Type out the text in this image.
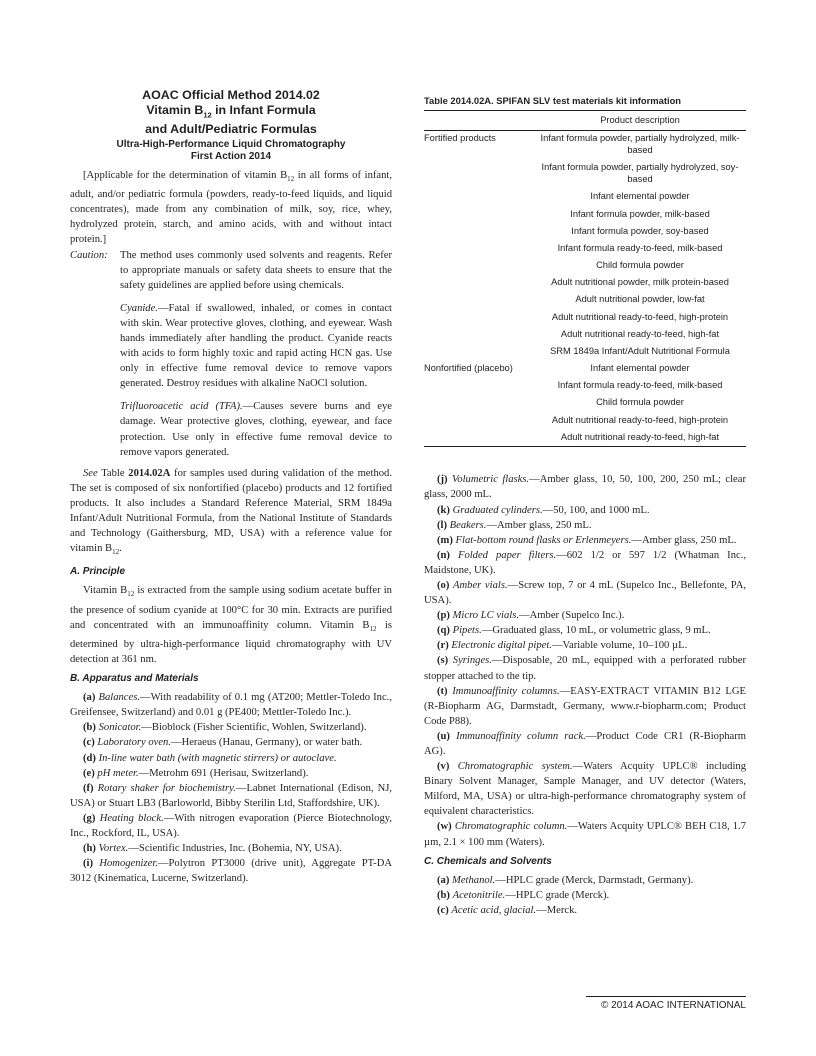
AOAC Official Method 2014.02
Vitamin $B_{12}$ in Infant Formula
and Adult/Pediatric Formulas
Ultra-High-Performance Liquid Chromatography
First Action 2014

[Applicable for the determination of vitamin $B_{12}$ in all forms of infant, adult, and/or pediatric formula (powders, ready-to-feed liquids, and liquid concentrates), made from any combination of milk, soy, rice, whey, hydrolyzed protein, starch, and amino acids, with and without intact protein.]

Caution: The method uses commonly used solvents and reagents. Refer to appropriate manuals or safety data sheets to ensure that the safety guidelines are applied before using chemicals.

Cyanide.—Fatal if swallowed, inhaled, or comes in contact with skin. Wear protective gloves, clothing, and eyewear. Wash hands immediately after handling the product. Cyanide reacts with acids to form highly toxic and rapid acting HCN gas. Use only in effective fume removal device to remove vapors generated. Destroy residues with alkaline NaOCl solution.

Trifluoroacetic acid (TFA).—Causes severe burns and eye damage. Wear protective gloves, clothing, eyewear, and face protection. Use only in effective fume removal device to remove vapors generated.

See Table 2014.02A for samples used during validation of the method. The set is composed of six nonfortified (placebo) products and 12 fortified products. It also includes a Standard Reference Material, SRM 1849a Infant/Adult Nutritional Formula, from the National Institute of Standards and Technology (Gaithersburg, MD, USA) with a reference value for vitamin $B_{12}$.

A. Principle

Vitamin $B_{12}$ is extracted from the sample using sodium acetate buffer in the presence of sodium cyanide at 100°C for 30 min. Extracts are purified and concentrated with an immunoaffinity column. Vitamin $B_{12}$ is determined by ultra-high-performance liquid chromatography with UV detection at 361 nm.

B. Apparatus and Materials

(a) Balances.—With readability of 0.1 mg (AT200; Mettler-Toledo Inc., Greifensee, Switzerland) and 0.01 g (PE400; Mettler-Toledo Inc.).

(b) Sonicator.—Bioblock (Fisher Scientific, Wohlen, Switzerland).

(c) Laboratory oven.—Heraeus (Hanau, Germany), or water bath.

(d) In-line water bath (with magnetic stirrers) or autoclave.

(e) pH meter.—Metrohm 691 (Herisau, Switzerland).

(f) Rotary shaker for biochemistry.—Labnet International (Edison, NJ, USA) or Stuart LB3 (Barloworld, Bibby Sterilin Ltd, Staffordshire, UK).

(g) Heating block.—With nitrogen evaporation (Pierce Biotechnology, Inc., Rockford, IL, USA).

(h) Vortex.—Scientific Industries, Inc. (Bohemia, NY, USA).

(i) Homogenizer.—Polytron PT3000 (drive unit), Aggregate PT-DA 3012 (Kinematica, Lucerne, Switzerland).

Table 2014.02A. SPIFAN SLV test materials kit information
	Product description
Fortified products	Infant formula powder, partially hydrolyzed, milk-based
	Infant formula powder, partially hydrolyzed, soy-based
	Infant elemental powder
	Infant formula powder, milk-based
	Infant formula powder, soy-based
	Infant formula ready-to-feed, milk-based
	Child formula powder
	Adult nutritional powder, milk protein-based
	Adult nutritional powder, low-fat
	Adult nutritional ready-to-feed, high-protein
	Adult nutritional ready-to-feed, high-fat
	SRM 1849a Infant/Adult Nutritional Formula
Nonfortified (placebo)	Infant elemental powder
	Infant formula ready-to-feed, milk-based
	Child formula powder
	Adult nutritional ready-to-feed, high-protein
	Adult nutritional ready-to-feed, high-fat

(j) Volumetric flasks.—Amber glass, 10, 50, 100, 200, 250 mL; clear glass, 2000 mL.

(k) Graduated cylinders.—50, 100, and 1000 mL.

(l) Beakers.—Amber glass, 250 mL.

(m) Flat-bottom round flasks or Erlenmeyers.—Amber glass, 250 mL.

(n) Folded paper filters.—602 1/2 or 597 1/2 (Whatman Inc., Maidstone, UK).

(o) Amber vials.—Screw top, 7 or 4 mL (Supelco Inc., Bellefonte, PA, USA).

(p) Micro LC vials.—Amber (Supelco Inc.).

(q) Pipets.—Graduated glass, 10 mL, or volumetric glass, 9 mL.

(r) Electronic digital pipet.—Variable volume, 10–100 µL.

(s) Syringes.—Disposable, 20 mL, equipped with a perforated rubber stopper attached to the tip.

(t) Immunoaffinity columns.—EASY-EXTRACT VITAMIN B12 LGE (R-Biopharm AG, Darmstadt, Germany, www.r-biopharm.com; Product Code P88).

(u) Immunoaffinity column rack.—Product Code CR1 (R-Biopharm AG).

(v) Chromatographic system.—Waters Acquity UPLC® including Binary Solvent Manager, Sample Manager, and UV detector (Waters, Milford, MA, USA) or ultra-high-performance chromatography system of equivalent characteristics.

(w) Chromatographic column.—Waters Acquity UPLC® BEH C18, 1.7 µm, 2.1 × 100 mm (Waters).

C. Chemicals and Solvents

(a) Methanol.—HPLC grade (Merck, Darmstadt, Germany).

(b) Acetonitrile.—HPLC grade (Merck).

(c) Acetic acid, glacial.—Merck.

© 2014 AOAC INTERNATIONAL
